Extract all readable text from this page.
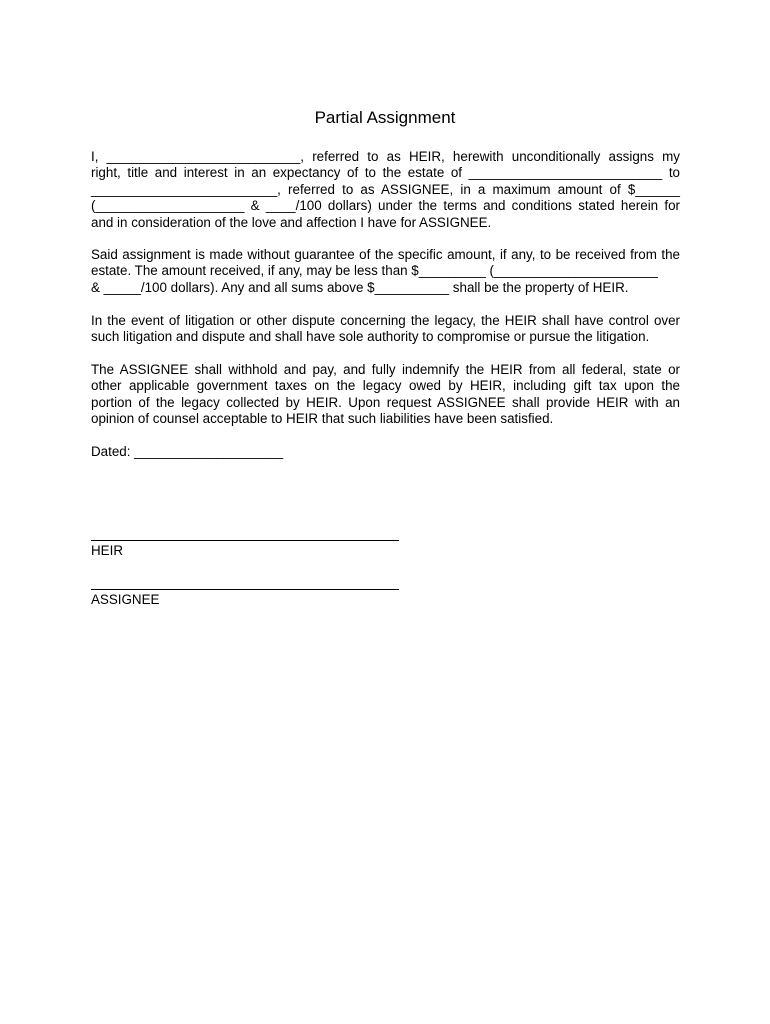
Partial Assignment
I, __________________________, referred to as HEIR, herewith unconditionally assigns my
right, title and interest in an expectancy of to the estate of __________________________ to
_________________________, referred to as ASSIGNEE, in a maximum amount of $______
(____________________ & ____/100 dollars) under the terms and conditions stated herein for
and in consideration of the love and affection I have for ASSIGNEE.
Said assignment is made without guarantee of the specific amount, if any, to be received from the
estate. The amount received, if any, may be less than $_________ (______________________
& _____/100 dollars). Any and all sums above $__________ shall be the property of HEIR.
In the event of litigation or other dispute concerning the legacy, the HEIR shall have control over
such litigation and dispute and shall have sole authority to compromise or pursue the litigation.
The ASSIGNEE shall withhold and pay, and fully indemnify the HEIR from all federal, state or
other applicable government taxes on the legacy owed by HEIR, including gift tax upon the
portion of the legacy collected by HEIR. Upon request ASSIGNEE shall provide HEIR with an
opinion of counsel acceptable to HEIR that such liabilities have been satisfied.
Dated: ____________________
HEIR
ASSIGNEE
